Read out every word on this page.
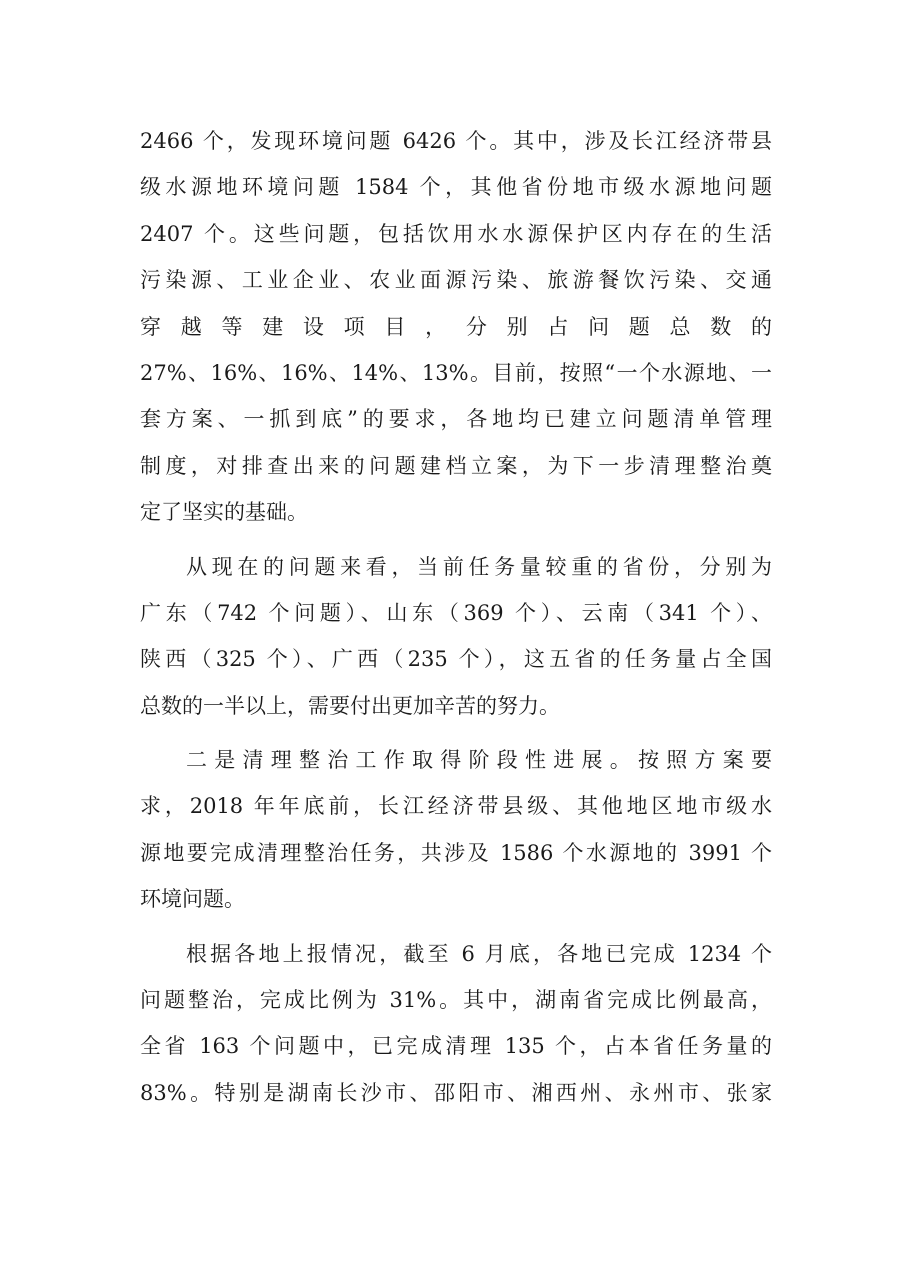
2466 个，发现环境问题 6426 个。其中，涉及长江经济带县
级水源地环境问题 1584 个，其他省份地市级水源地问题
2407 个。这些问题，包括饮用水水源保护区内存在的生活
污染源、工业企业、农业面源污染、旅游餐饮污染、交通
穿越等建设项目，分别占问题总数的
27%、16%、16%、14%、13%。目前，按照“一个水源地、一
套方案、一抓到底”的要求，各地均已建立问题清单管理
制度，对排查出来的问题建档立案，为下一步清理整治奠
定了坚实的基础。
从现在的问题来看，当前任务量较重的省份，分别为
广东（742 个问题）、山东（369 个）、云南（341 个）、
陕西（325 个）、广西（235 个），这五省的任务量占全国
总数的一半以上，需要付出更加辛苦的努力。
二是清理整治工作取得阶段性进展。按照方案要
求，2018 年年底前，长江经济带县级、其他地区地市级水
源地要完成清理整治任务，共涉及 1586 个水源地的 3991 个
环境问题。
根据各地上报情况，截至 6 月底，各地已完成 1234 个
问题整治，完成比例为 31%。其中，湖南省完成比例最高，
全省 163 个问题中，已完成清理 135 个，占本省任务量的
83%。特别是湖南长沙市、邵阳市、湘西州、永州市、张家
